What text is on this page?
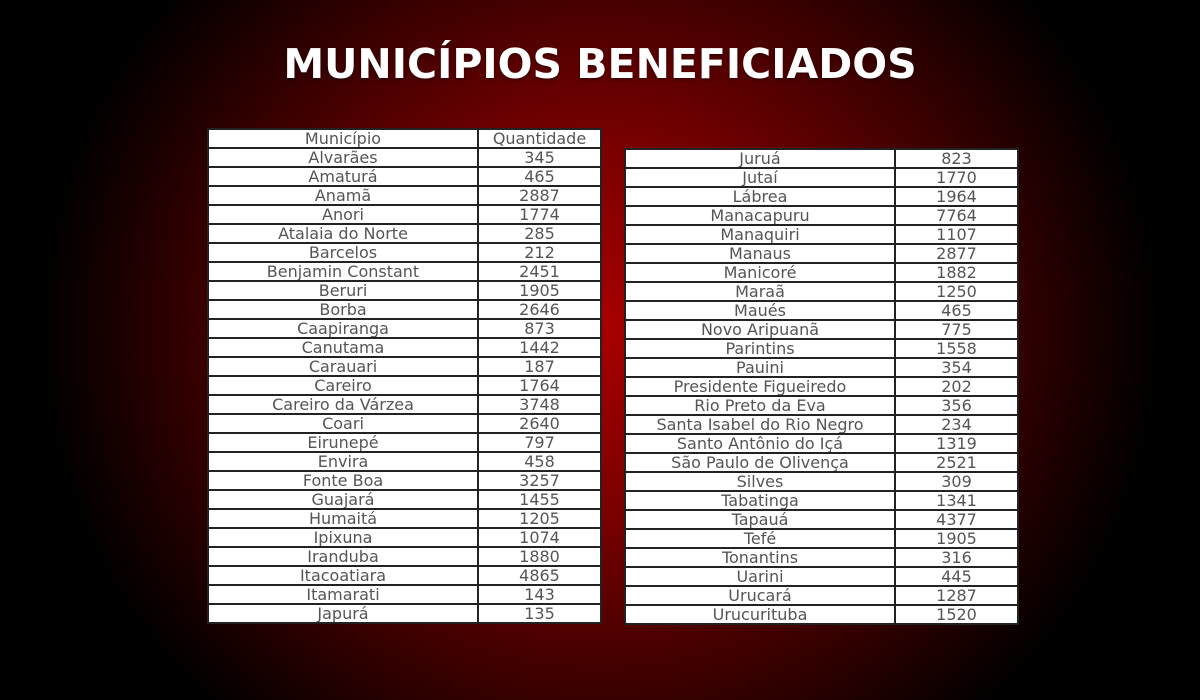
MUNICÍPIOS BENEFICIADOS
Município	Quantidade
Alvarães	345
Amaturá	465
Anamã	2887
Anori	1774
Atalaia do Norte	285
Barcelos	212
Benjamin Constant	2451
Beruri	1905
Borba	2646
Caapiranga	873
Canutama	1442
Carauari	187
Careiro	1764
Careiro da Várzea	3748
Coari	2640
Eirunepé	797
Envira	458
Fonte Boa	3257
Guajará	1455
Humaitá	1205
Ipixuna	1074
Iranduba	1880
Itacoatiara	4865
Itamarati	143
Japurá	135
Juruá	823
Jutaí	1770
Lábrea	1964
Manacapuru	7764
Manaquiri	1107
Manaus	2877
Manicoré	1882
Maraã	1250
Maués	465
Novo Aripuanã	775
Parintins	1558
Pauini	354
Presidente Figueiredo	202
Rio Preto da Eva	356
Santa Isabel do Rio Negro	234
Santo Antônio do Içá	1319
São Paulo de Olivença	2521
Silves	309
Tabatinga	1341
Tapauá	4377
Tefé	1905
Tonantins	316
Uarini	445
Urucará	1287
Urucurituba	1520
